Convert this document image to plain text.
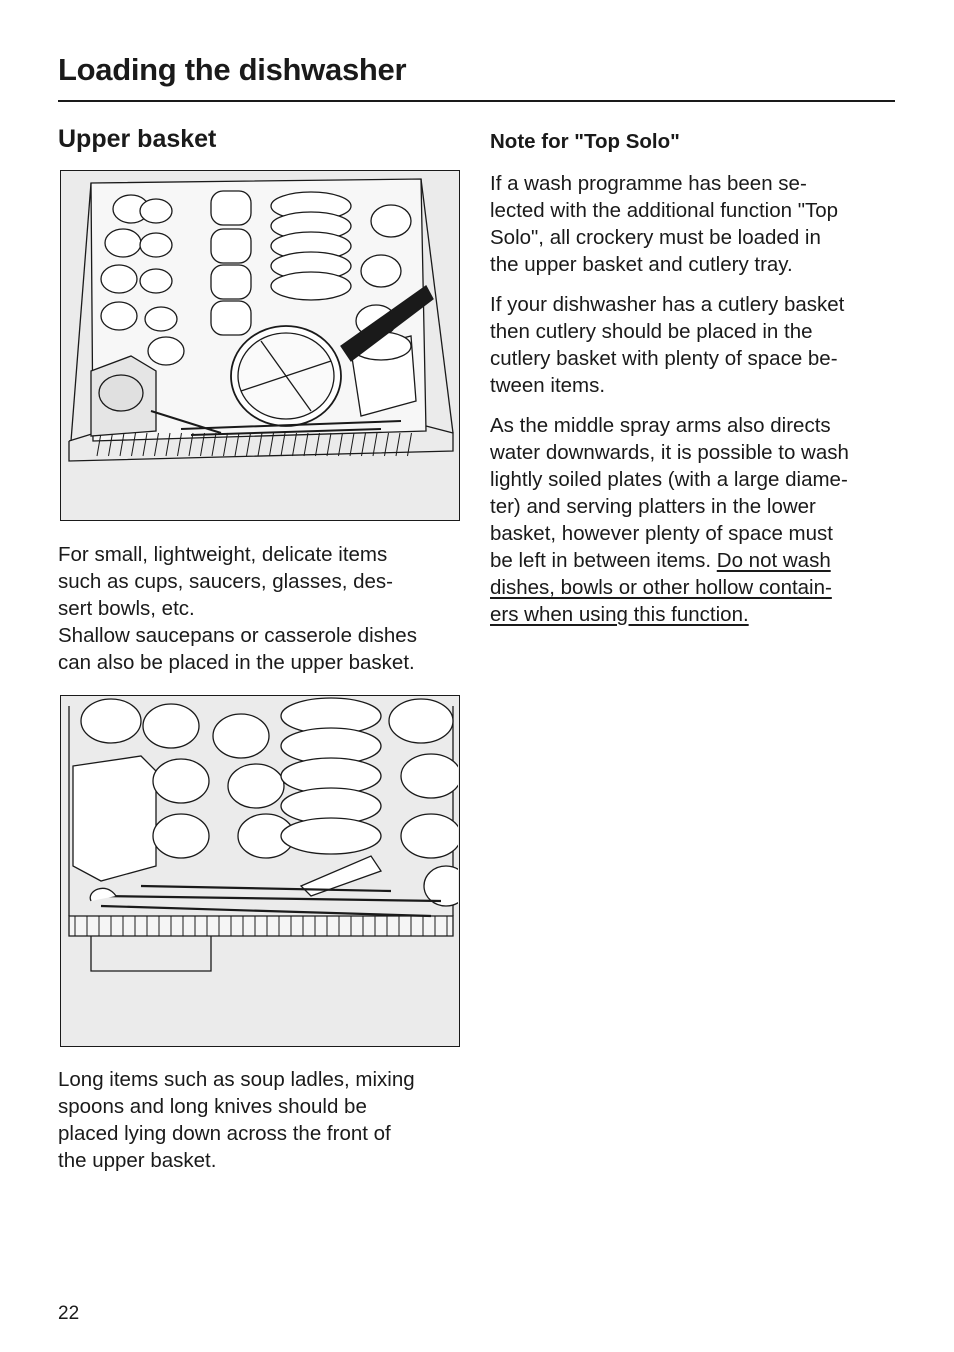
Loading the dishwasher
Upper basket

For small, lightweight, delicate items

such as cups, saucers, glasses, des-

sert bowls, etc.

Shallow saucepans or casserole dishes

can also be placed in the upper basket.

Long items such as soup ladles, mixing

spoons and long knives should be

placed lying down across the front of

the upper basket.

Note for "Top Solo"

If a wash programme has been se-
lected with the additional function "Top
Solo", all crockery must be loaded in
the upper basket and cutlery tray.

If your dishwasher has a cutlery basket
then cutlery should be placed in the
cutlery basket with plenty of space be-
tween items.

As the middle spray arms also directs
water downwards, it is possible to wash
lightly soiled plates (with a large diame-
ter) and serving platters in the lower
basket, however plenty of space must
be left in between items. Do not wash
dishes, bowls or other hollow contain-
ers when using this function.

22
